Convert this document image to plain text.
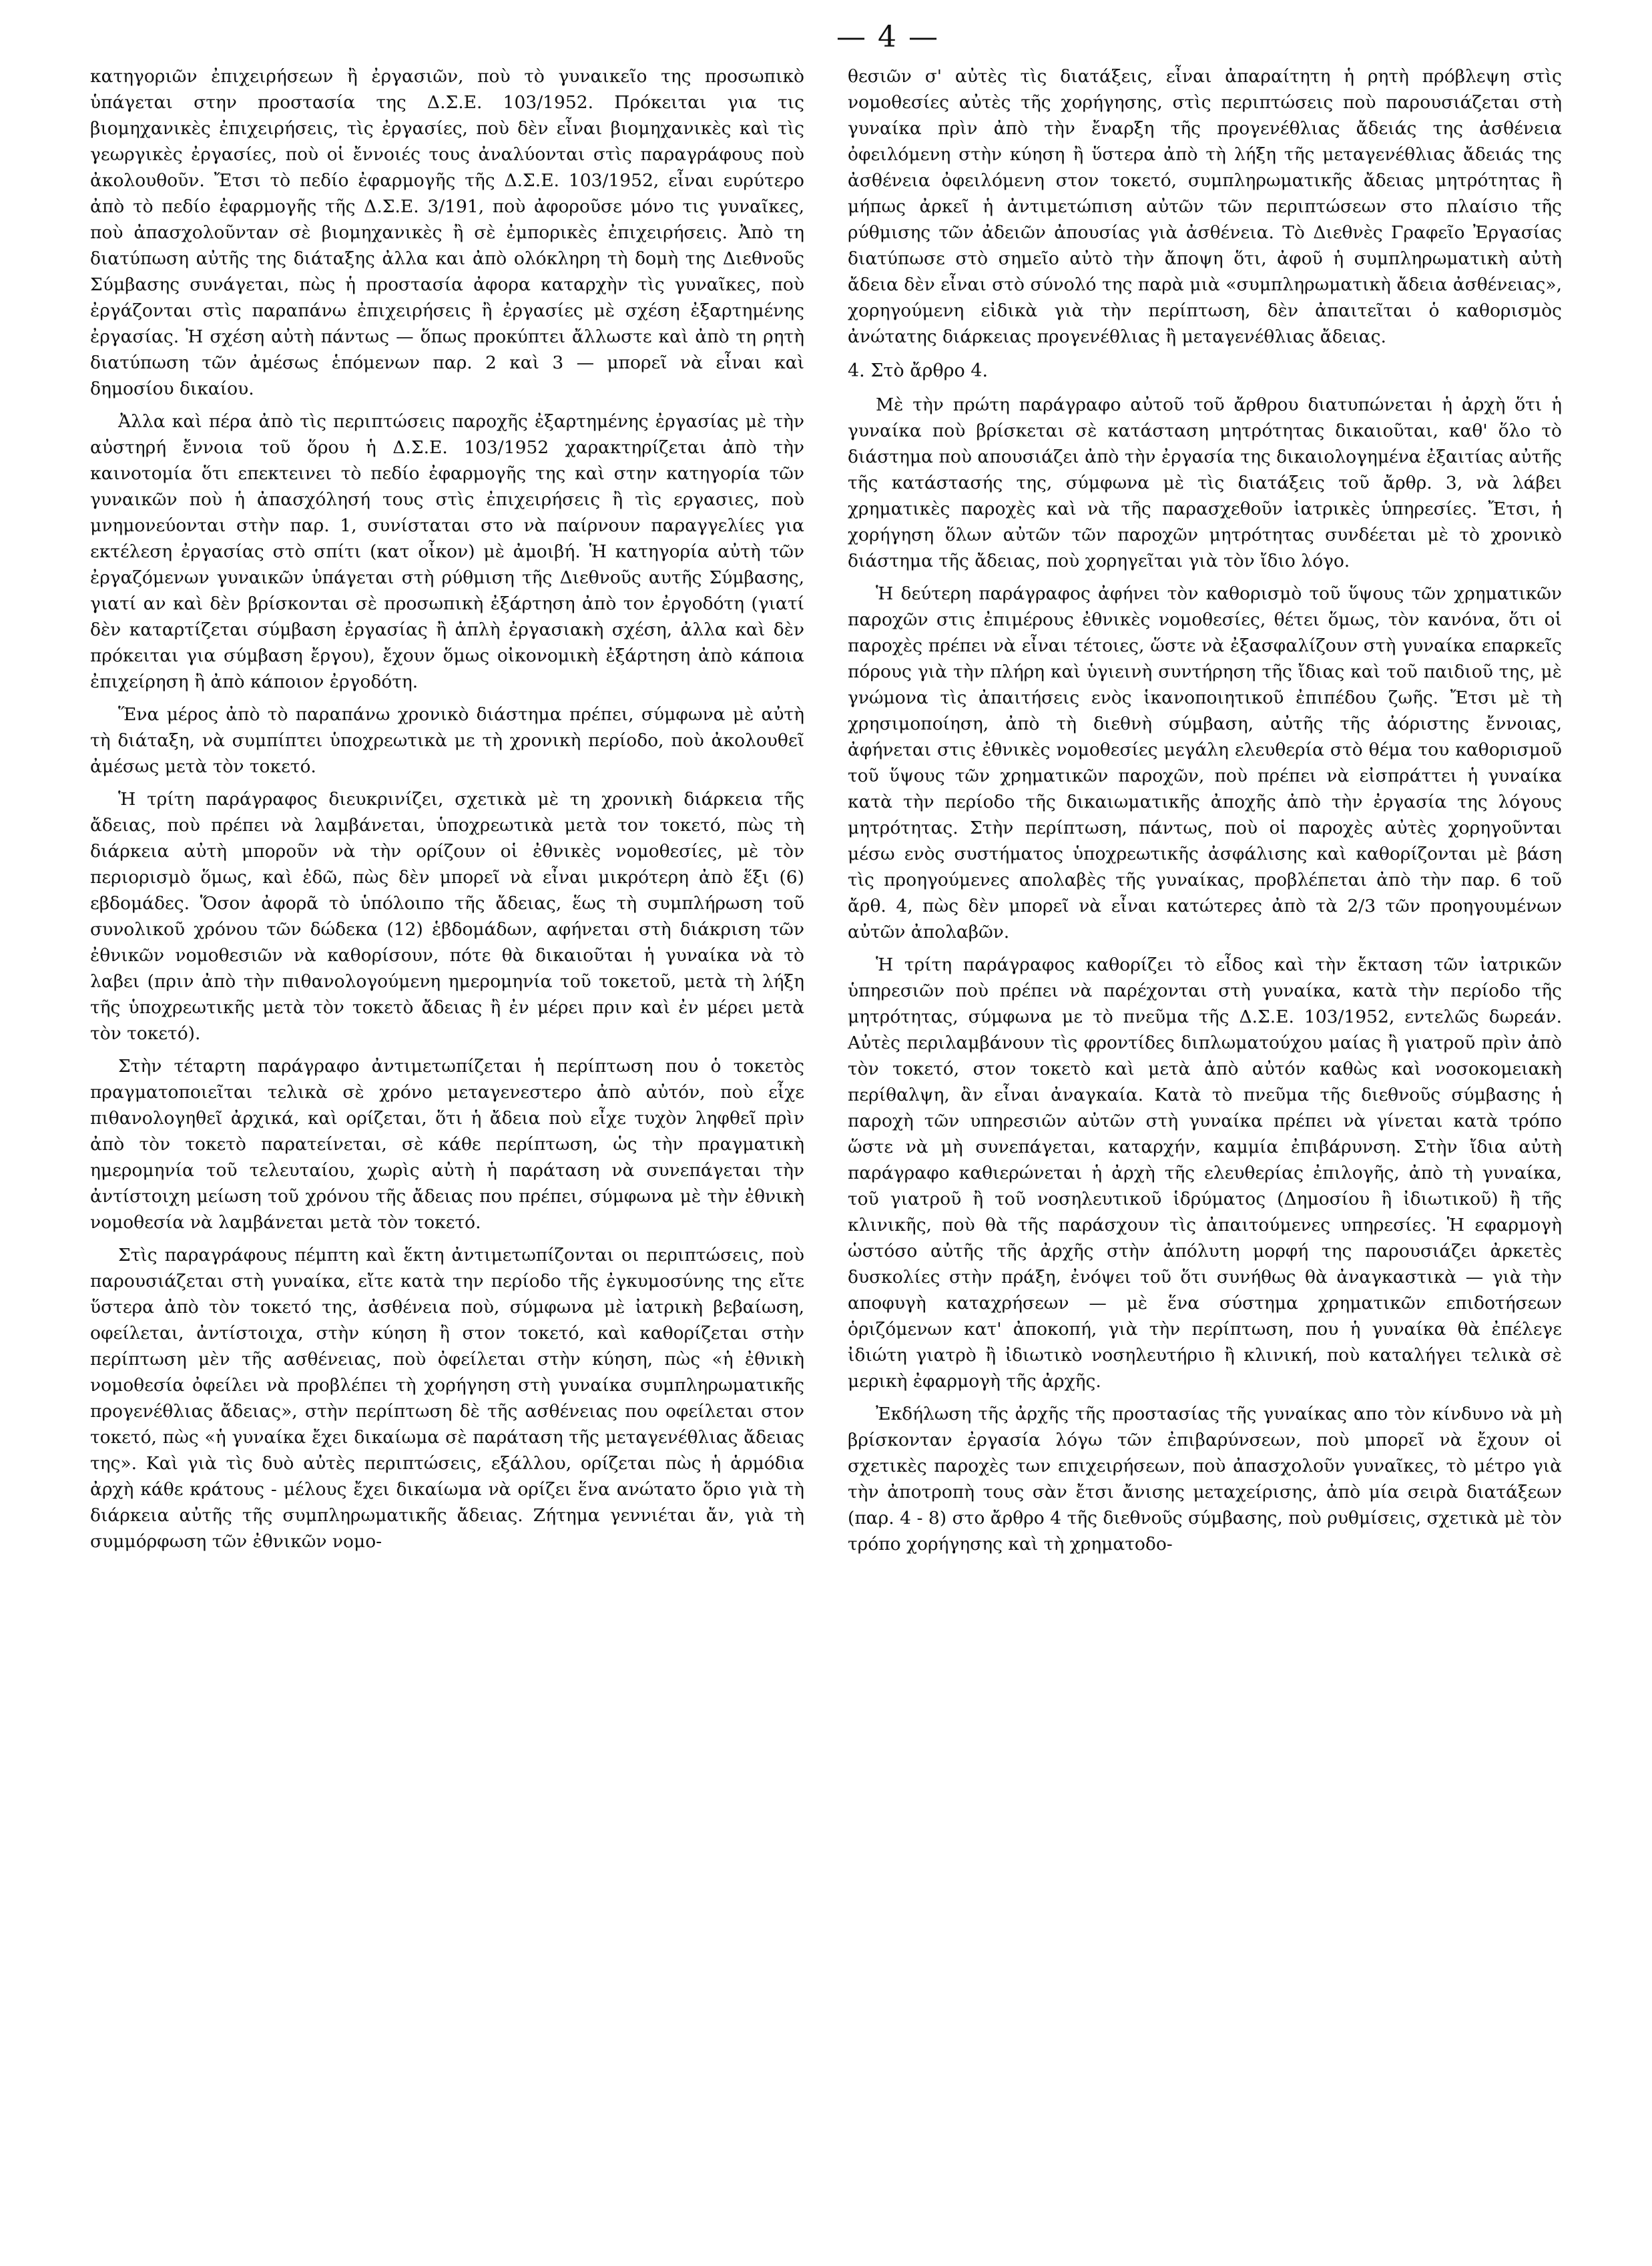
— 4 —

κατηγοριῶν ἐπιχειρήσεων ἢ ἐργασιῶν, ποὺ τὸ γυναικεῖο της προσωπικὸ ὑπάγεται στην προστασία της Δ.Σ.Ε. 103/1952. Πρόκειται για τις βιομηχανικὲς ἐπιχειρήσεις, τὶς ἐργασίες, ποὺ δὲν εἶναι βιομηχανικὲς καὶ τὶς γεωργικὲς ἐργασίες, ποὺ οἱ ἔννοιές τους ἀναλύονται στὶς παραγράφους ποὺ ἀκολουθοῦν. Ἔτσι τὸ πεδίο ἐφαρμογῆς τῆς Δ.Σ.Ε. 103/1952, εἶναι ευρύτερο ἀπὸ τὸ πεδίο ἐφαρμογῆς τῆς Δ.Σ.Ε. 3/191, ποὺ ἀφοροῦσε μόνο τις γυναῖκες, ποὺ ἀπασχολοῦνταν σὲ βιομηχανικὲς ἢ σὲ ἐμπορικὲς ἐπιχειρήσεις. Ἀπὸ τη διατύπωση αὐτῆς της διάταξης ἀλλα και ἀπὸ ολόκληρη τὴ δομὴ της Διεθνοῦς Σύμβασης συνάγεται, πὼς ἡ προστασία ἀφορα καταρχὴν τὶς γυναῖκες, ποὺ ἐργάζονται στὶς παραπάνω ἐπιχειρήσεις ἢ ἐργασίες μὲ σχέση ἐξαρτημένης ἐργασίας. Ἡ σχέση αὐτὴ πάντως — ὅπως προκύπτει ἄλλωστε καὶ ἀπὸ τη ρητὴ διατύπωση τῶν ἀμέσως ἑπόμενων παρ. 2 καὶ 3 — μπορεῖ νὰ εἶναι καὶ δημοσίου δικαίου.

Ἀλλα καὶ πέρα ἀπὸ τὶς περιπτώσεις παροχῆς ἐξαρτημένης ἐργασίας μὲ τὴν αὐστηρή ἔννοια τοῦ ὅρου ἡ Δ.Σ.Ε. 103/1952 χαρακτηρίζεται ἀπὸ τὴν καινοτομία ὅτι επεκτεινει τὸ πεδίο ἐφαρμογῆς της καὶ στην κατηγορία τῶν γυναικῶν ποὺ ἡ ἀπασχόλησή τους στὶς ἐπιχειρήσεις ἢ τὶς εργασιες, ποὺ μνημονεύονται στὴν παρ. 1, συνίσταται στο νὰ παίρνουν παραγγελίες για εκτέλεση ἐργασίας στὸ σπίτι (κατ οἶκον) μὲ ἀμοιβή. Ἡ κατηγορία αὐτὴ τῶν ἐργαζόμενων γυναικῶν ὑπάγεται στὴ ρύθμιση τῆς Διεθνοῦς αυτῆς Σύμβασης, γιατί αν καὶ δὲν βρίσκονται σὲ προσωπικὴ ἐξάρτηση ἀπὸ τον ἐργοδότη (γιατί δὲν καταρτίζεται σύμβαση ἐργασίας ἢ ἁπλὴ ἐργασιακὴ σχέση, ἀλλα καὶ δὲν πρόκειται για σύμβαση ἔργου), ἔχουν ὅμως οἰκονομικὴ ἐξάρτηση ἀπὸ κάποια ἐπιχείρηση ἢ ἀπὸ κάποιον ἐργοδότη.

Ἕνα μέρος ἀπὸ τὸ παραπάνω χρονικὸ διάστημα πρέπει, σύμφωνα μὲ αὐτὴ τὴ διάταξη, νὰ συμπίπτει ὑποχρεωτικὰ με τὴ χρονικὴ περίοδο, ποὺ ἀκολουθεῖ ἀμέσως μετὰ τὸν τοκετό.

Ἡ τρίτη παράγραφος διευκρινίζει, σχετικὰ μὲ τη χρονικὴ διάρκεια τῆς ἄδειας, ποὺ πρέπει νὰ λαμβάνεται, ὑποχρεωτικὰ μετὰ τον τοκετό, πὼς τὴ διάρκεια αὐτὴ μποροῦν νὰ τὴν ορίζουν οἱ ἐθνικὲς νομοθεσίες, μὲ τὸν περιορισμὸ ὅμως, καὶ ἐδῶ, πὼς δὲν μπορεῖ νὰ εἶναι μικρότερη ἀπὸ ἕξι (6) εβδομάδες. Ὅσον ἀφορᾶ τὸ ὑπόλοιπο τῆς ἄδειας, ἕως τὴ συμπλήρωση τοῦ συνολικοῦ χρόνου τῶν δώδεκα (12) ἑβδομάδων, αφήνεται στὴ διάκριση τῶν ἐθνικῶν νομοθεσιῶν νὰ καθορίσουν, πότε θὰ δικαιοῦται ἡ γυναίκα νὰ τὸ λαβει (πριν ἀπὸ τὴν πιθανολογούμενη ημερομηνία τοῦ τοκετοῦ, μετὰ τὴ λήξη τῆς ὑποχρεωτικῆς μετὰ τὸν τοκετὸ ἄδειας ἢ ἐν μέρει πριν καὶ ἐν μέρει μετὰ τὸν τοκετό).

Στὴν τέταρτη παράγραφο ἀντιμετωπίζεται ἡ περίπτωση που ὁ τοκετὸς πραγματοποιεῖται τελικὰ σὲ χρόνο μεταγενεστερο ἀπὸ αὐτόν, ποὺ εἶχε πιθανολογηθεῖ ἀρχικά, καὶ ορίζεται, ὅτι ἡ ἄδεια ποὺ εἶχε τυχὸν ληφθεῖ πρὶν ἀπὸ τὸν τοκετὸ παρατείνεται, σὲ κάθε περίπτωση, ὡς τὴν πραγματικὴ ημερομηνία τοῦ τελευταίου, χωρὶς αὐτὴ ἡ παράταση νὰ συνεπάγεται τὴν ἀντίστοιχη μείωση τοῦ χρόνου τῆς ἄδειας που πρέπει, σύμφωνα μὲ τὴν ἐθνικὴ νομοθεσία νὰ λαμβάνεται μετὰ τὸν τοκετό.

Στὶς παραγράφους πέμπτη καὶ ἕκτη ἀντιμετωπίζονται οι περιπτώσεις, ποὺ παρουσιάζεται στὴ γυναίκα, εἴτε κατὰ την περίοδο τῆς ἐγκυμοσύνης της εἴτε ὕστερα ἀπὸ τὸν τοκετό της, ἀσθένεια ποὺ, σύμφωνα μὲ ἰατρικὴ βεβαίωση, οφείλεται, ἀντίστοιχα, στὴν κύηση ἢ στον τοκετό, καὶ καθορίζεται στὴν περίπτωση μὲν τῆς ασθένειας, ποὺ ὀφείλεται στὴν κύηση, πὼς «ἡ ἐθνικὴ νομοθεσία ὀφείλει νὰ προβλέπει τὴ χορήγηση στὴ γυναίκα συμπληρωματικῆς προγενέθλιας ἄδειας», στὴν περίπτωση δὲ τῆς ασθένειας που οφείλεται στον τοκετό, πὼς «ἡ γυναίκα ἔχει δικαίωμα σὲ παράταση τῆς μεταγενέθλιας ἄδειας της». Καὶ γιὰ τὶς δυὸ αὐτὲς περιπτώσεις, εξάλλου, ορίζεται πὼς ἡ ἁρμόδια ἀρχὴ κάθε κράτους - μέλους ἔχει δικαίωμα νὰ ορίζει ἕνα ανώτατο ὅριο γιὰ τὴ διάρκεια αὐτῆς τῆς συμπληρωματικῆς ἄδειας. Ζήτημα γεννιέται ἄν, γιὰ τὴ συμμόρφωση τῶν ἐθνικῶν νομο-

θεσιῶν σ' αὐτὲς τὶς διατάξεις, εἶναι ἀπαραίτητη ἡ ρητὴ πρόβλεψη στὶς νομοθεσίες αὐτὲς τῆς χορήγησης, στὶς περιπτώσεις ποὺ παρουσιάζεται στὴ γυναίκα πρὶν ἀπὸ τὴν ἔναρξη τῆς προγενέθλιας ἄδειάς της ἀσθένεια ὀφειλόμενη στὴν κύηση ἢ ὕστερα ἀπὸ τὴ λήξη τῆς μεταγενέθλιας ἄδειάς της ἀσθένεια ὀφειλόμενη στον τοκετό, συμπληρωματικῆς ἄδειας μητρότητας ἢ μήπως ἀρκεῖ ἡ ἀντιμετώπιση αὐτῶν τῶν περιπτώσεων στο πλαίσιο τῆς ρύθμισης τῶν ἀδειῶν ἀπουσίας γιὰ ἀσθένεια. Τὸ Διεθνὲς Γραφεῖο Ἐργασίας διατύπωσε στὸ σημεῖο αὐτὸ τὴν ἄποψη ὅτι, ἀφοῦ ἡ συμπληρωματικὴ αὐτὴ ἄδεια δὲν εἶναι στὸ σύνολό της παρὰ μιὰ «συμπληρωματικὴ ἄδεια ἀσθένειας», χορηγούμενη εἰδικὰ γιὰ τὴν περίπτωση, δὲν ἀπαιτεῖται ὁ καθορισμὸς ἀνώτατης διάρκειας προγενέθλιας ἢ μεταγενέθλιας ἄδειας.

4. Στὸ ἄρθρο 4.

Μὲ τὴν πρώτη παράγραφο αὐτοῦ τοῦ ἄρθρου διατυπώνεται ἡ ἀρχὴ ὅτι ἡ γυναίκα ποὺ βρίσκεται σὲ κατάσταση μητρότητας δικαιοῦται, καθ' ὅλο τὸ διάστημα ποὺ απουσιάζει ἀπὸ τὴν ἐργασία της δικαιολογημένα ἐξαιτίας αὐτῆς τῆς κατάστασής της, σύμφωνα μὲ τὶς διατάξεις τοῦ ἄρθρ. 3, νὰ λάβει χρηματικὲς παροχὲς καὶ νὰ τῆς παρασχεθοῦν ἰατρικὲς ὑπηρεσίες. Ἔτσι, ἡ χορήγηση ὅλων αὐτῶν τῶν παροχῶν μητρότητας συνδέεται μὲ τὸ χρονικὸ διάστημα τῆς ἄδειας, ποὺ χορηγεῖται γιὰ τὸν ἴδιο λόγο.

Ἡ δεύτερη παράγραφος ἀφήνει τὸν καθορισμὸ τοῦ ὕψους τῶν χρηματικῶν παροχῶν στις ἐπιμέρους ἐθνικὲς νομοθεσίες, θέτει ὅμως, τὸν κανόνα, ὅτι οἱ παροχὲς πρέπει νὰ εἶναι τέτοιες, ὥστε νὰ ἐξασφαλίζουν στὴ γυναίκα επαρκεῖς πόρους γιὰ τὴν πλήρη καὶ ὑγιεινὴ συντήρηση τῆς ἴδιας καὶ τοῦ παιδιοῦ της, μὲ γνώμονα τὶς ἀπαιτήσεις ενὸς ἱκανοποιητικοῦ ἐπιπέδου ζωῆς. Ἔτσι μὲ τὴ χρησιμοποίηση, ἀπὸ τὴ διεθνὴ σύμβαση, αὐτῆς τῆς ἀόριστης ἔννοιας, ἀφήνεται στις ἐθνικὲς νομοθεσίες μεγάλη ελευθερία στὸ θέμα του καθορισμοῦ τοῦ ὕψους τῶν χρηματικῶν παροχῶν, ποὺ πρέπει νὰ εἰσπράττει ἡ γυναίκα κατὰ τὴν περίοδο τῆς δικαιωματικῆς ἀποχῆς ἀπὸ τὴν ἐργασία της λόγους μητρότητας. Στὴν περίπτωση, πάντως, ποὺ οἱ παροχὲς αὐτὲς χορηγοῦνται μέσω ενὸς συστήματος ὑποχρεωτικῆς ἀσφάλισης καὶ καθορίζονται μὲ βάση τὶς προηγούμενες απολαβὲς τῆς γυναίκας, προβλέπεται ἀπὸ τὴν παρ. 6 τοῦ ἄρθ. 4, πὼς δὲν μπορεῖ νὰ εἶναι κατώτερες ἀπὸ τὰ 2/3 τῶν προηγουμένων αὐτῶν ἀπολαβῶν.

Ἡ τρίτη παράγραφος καθορίζει τὸ εἶδος καὶ τὴν ἔκταση τῶν ἰατρικῶν ὑπηρεσιῶν ποὺ πρέπει νὰ παρέχονται στὴ γυναίκα, κατὰ τὴν περίοδο τῆς μητρότητας, σύμφωνα με τὸ πνεῦμα τῆς Δ.Σ.Ε. 103/1952, εντελῶς δωρεάν. Αὐτὲς περιλαμβάνουν τὶς φροντίδες διπλωματούχου μαίας ἢ γιατροῦ πρὶν ἀπὸ τὸν τοκετό, στον τοκετὸ καὶ μετὰ ἀπὸ αὐτόν καθὼς καὶ νοσοκομειακὴ περίθαλψη, ἂν εἶναι ἀναγκαία. Κατὰ τὸ πνεῦμα τῆς διεθνοῦς σύμβασης ἡ παροχὴ τῶν υπηρεσιῶν αὐτῶν στὴ γυναίκα πρέπει νὰ γίνεται κατὰ τρόπο ὥστε νὰ μὴ συνεπάγεται, καταρχήν, καμμία ἐπιβάρυνση. Στὴν ἴδια αὐτὴ παράγραφο καθιερώνεται ἡ ἀρχὴ τῆς ελευθερίας ἐπιλογῆς, ἀπὸ τὴ γυναίκα, τοῦ γιατροῦ ἢ τοῦ νοσηλευτικοῦ ἱδρύματος (Δημοσίου ἢ ἰδιωτικοῦ) ἢ τῆς κλινικῆς, ποὺ θὰ τῆς παράσχουν τὶς ἀπαιτούμενες υπηρεσίες. Ἡ εφαρμογὴ ὡστόσο αὐτῆς τῆς ἀρχῆς στὴν ἀπόλυτη μορφή της παρουσιάζει ἀρκετὲς δυσκολίες στὴν πράξη, ἐνόψει τοῦ ὅτι συνήθως θὰ ἀναγκαστικὰ — γιὰ τὴν αποφυγὴ καταχρήσεων — μὲ ἕνα σύστημα χρηματικῶν επιδοτήσεων ὁριζόμενων κατ' ἀποκοπή, γιὰ τὴν περίπτωση, που ἡ γυναίκα θὰ ἐπέλεγε ἰδιώτη γιατρὸ ἢ ἰδιωτικὸ νοσηλευτήριο ἢ κλινική, ποὺ καταλήγει τελικὰ σὲ μερικὴ ἐφαρμογὴ τῆς ἀρχῆς.

Ἐκδήλωση τῆς ἀρχῆς τῆς προστασίας τῆς γυναίκας απο τὸν κίνδυνο νὰ μὴ βρίσκονταν ἐργασία λόγω τῶν ἐπιβαρύνσεων, ποὺ μπορεῖ νὰ ἔχουν οἱ σχετικὲς παροχὲς των επιχειρήσεων, ποὺ ἀπασχολοῦν γυναῖκες, τὸ μέτρο γιὰ τὴν ἀποτροπὴ τους σὰν ἔτσι ἄνισης μεταχείρισης, ἀπὸ μία σειρὰ διατάξεων (παρ. 4 - 8) στο ἄρθρο 4 τῆς διεθνοῦς σύμβασης, ποὺ ρυθμίσεις, σχετικὰ μὲ τὸν τρόπο χορήγησης καὶ τὴ χρηματοδο-
